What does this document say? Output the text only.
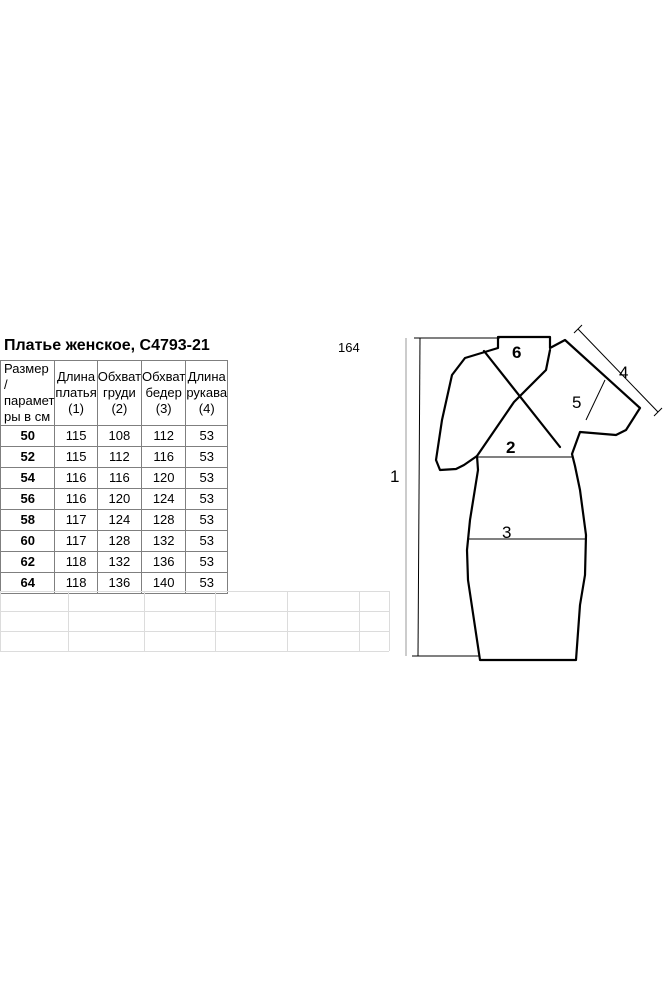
Платье женское, С4793-21	164
Размер / парамет ры в см	Длина платья (1)	Обхват груди (2)	Обхват бедер (3)	Длина рукава (4)
50	115	108	112	53
52	115	112	116	53
54	116	116	120	53
56	116	120	124	53
58	117	124	128	53
60	117	128	132	53
62	118	132	136	53
64	118	136	140	53
1
2
3
4
5
6
